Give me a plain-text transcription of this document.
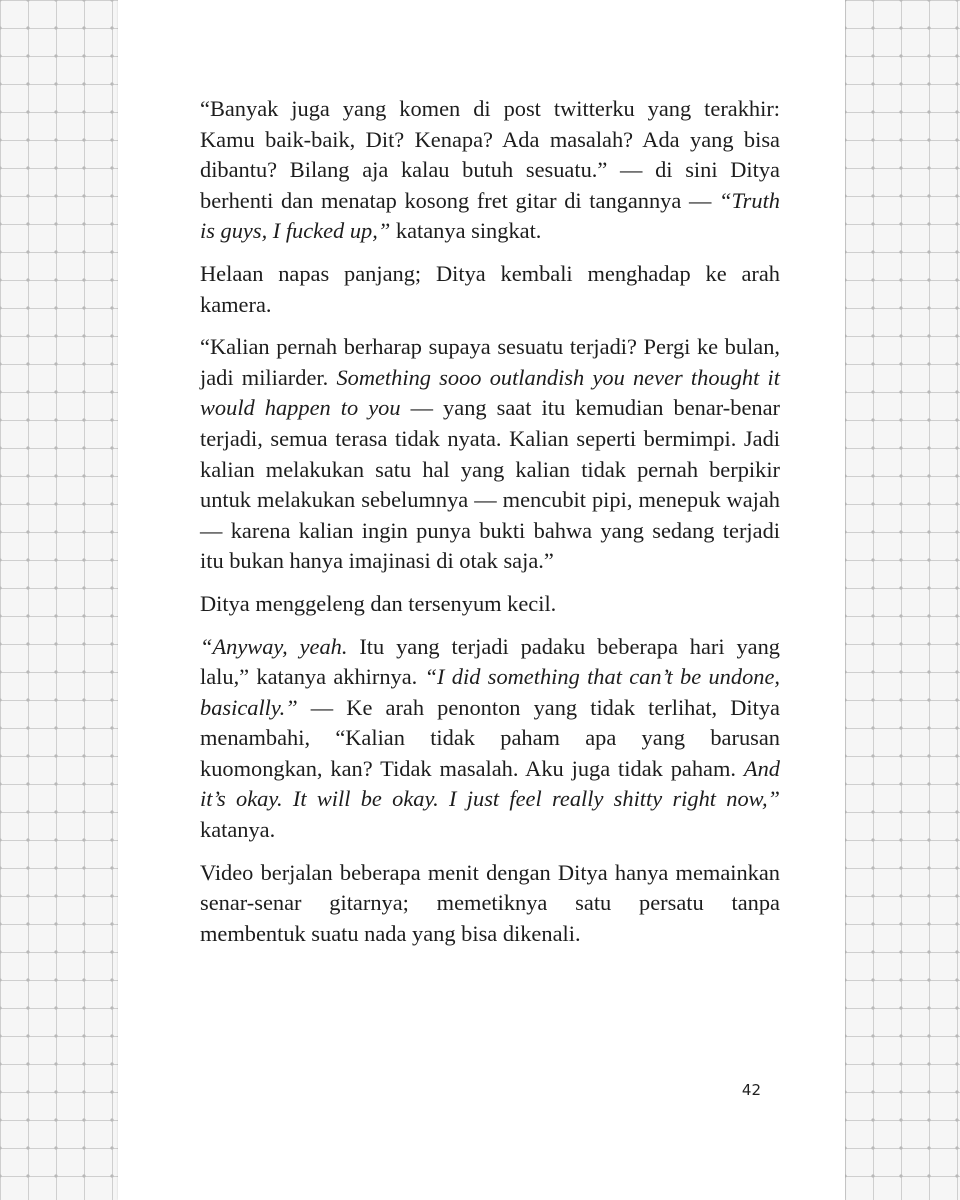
“Banyak juga yang komen di post twitterku yang terakhir: Kamu baik-baik, Dit? Kenapa? Ada masalah? Ada yang bisa dibantu? Bilang aja kalau butuh sesuatu.” — di sini Ditya berhenti dan menatap kosong fret gitar di tangannya — “Truth is guys, I fucked up,” katanya singkat.

Helaan napas panjang; Ditya kembali menghadap ke arah kamera.

“Kalian pernah berharap supaya sesuatu terjadi? Pergi ke bulan, jadi miliarder. Something sooo outlandish you never thought it would happen to you — yang saat itu kemudian benar-benar terjadi, semua terasa tidak nyata. Kalian seperti bermimpi. Jadi kalian melakukan satu hal yang kalian tidak pernah berpikir untuk melakukan sebelumnya — mencubit pipi, menepuk wajah — karena kalian ingin punya bukti bahwa yang sedang terjadi itu bukan hanya imajinasi di otak saja.”

Ditya menggeleng dan tersenyum kecil.

“Anyway, yeah. Itu yang terjadi padaku beberapa hari yang lalu,” katanya akhirnya. “I did something that can’t be undone, basically.” — Ke arah penonton yang tidak terlihat, Ditya menambahi, “Kalian tidak paham apa yang barusan kuomongkan, kan? Tidak masalah. Aku juga tidak paham. And it’s okay. It will be okay. I just feel really shitty right now,” katanya.

Video berjalan beberapa menit dengan Ditya hanya memainkan senar-senar gitarnya; memetiknya satu persatu tanpa membentuk suatu nada yang bisa dikenali.

42
